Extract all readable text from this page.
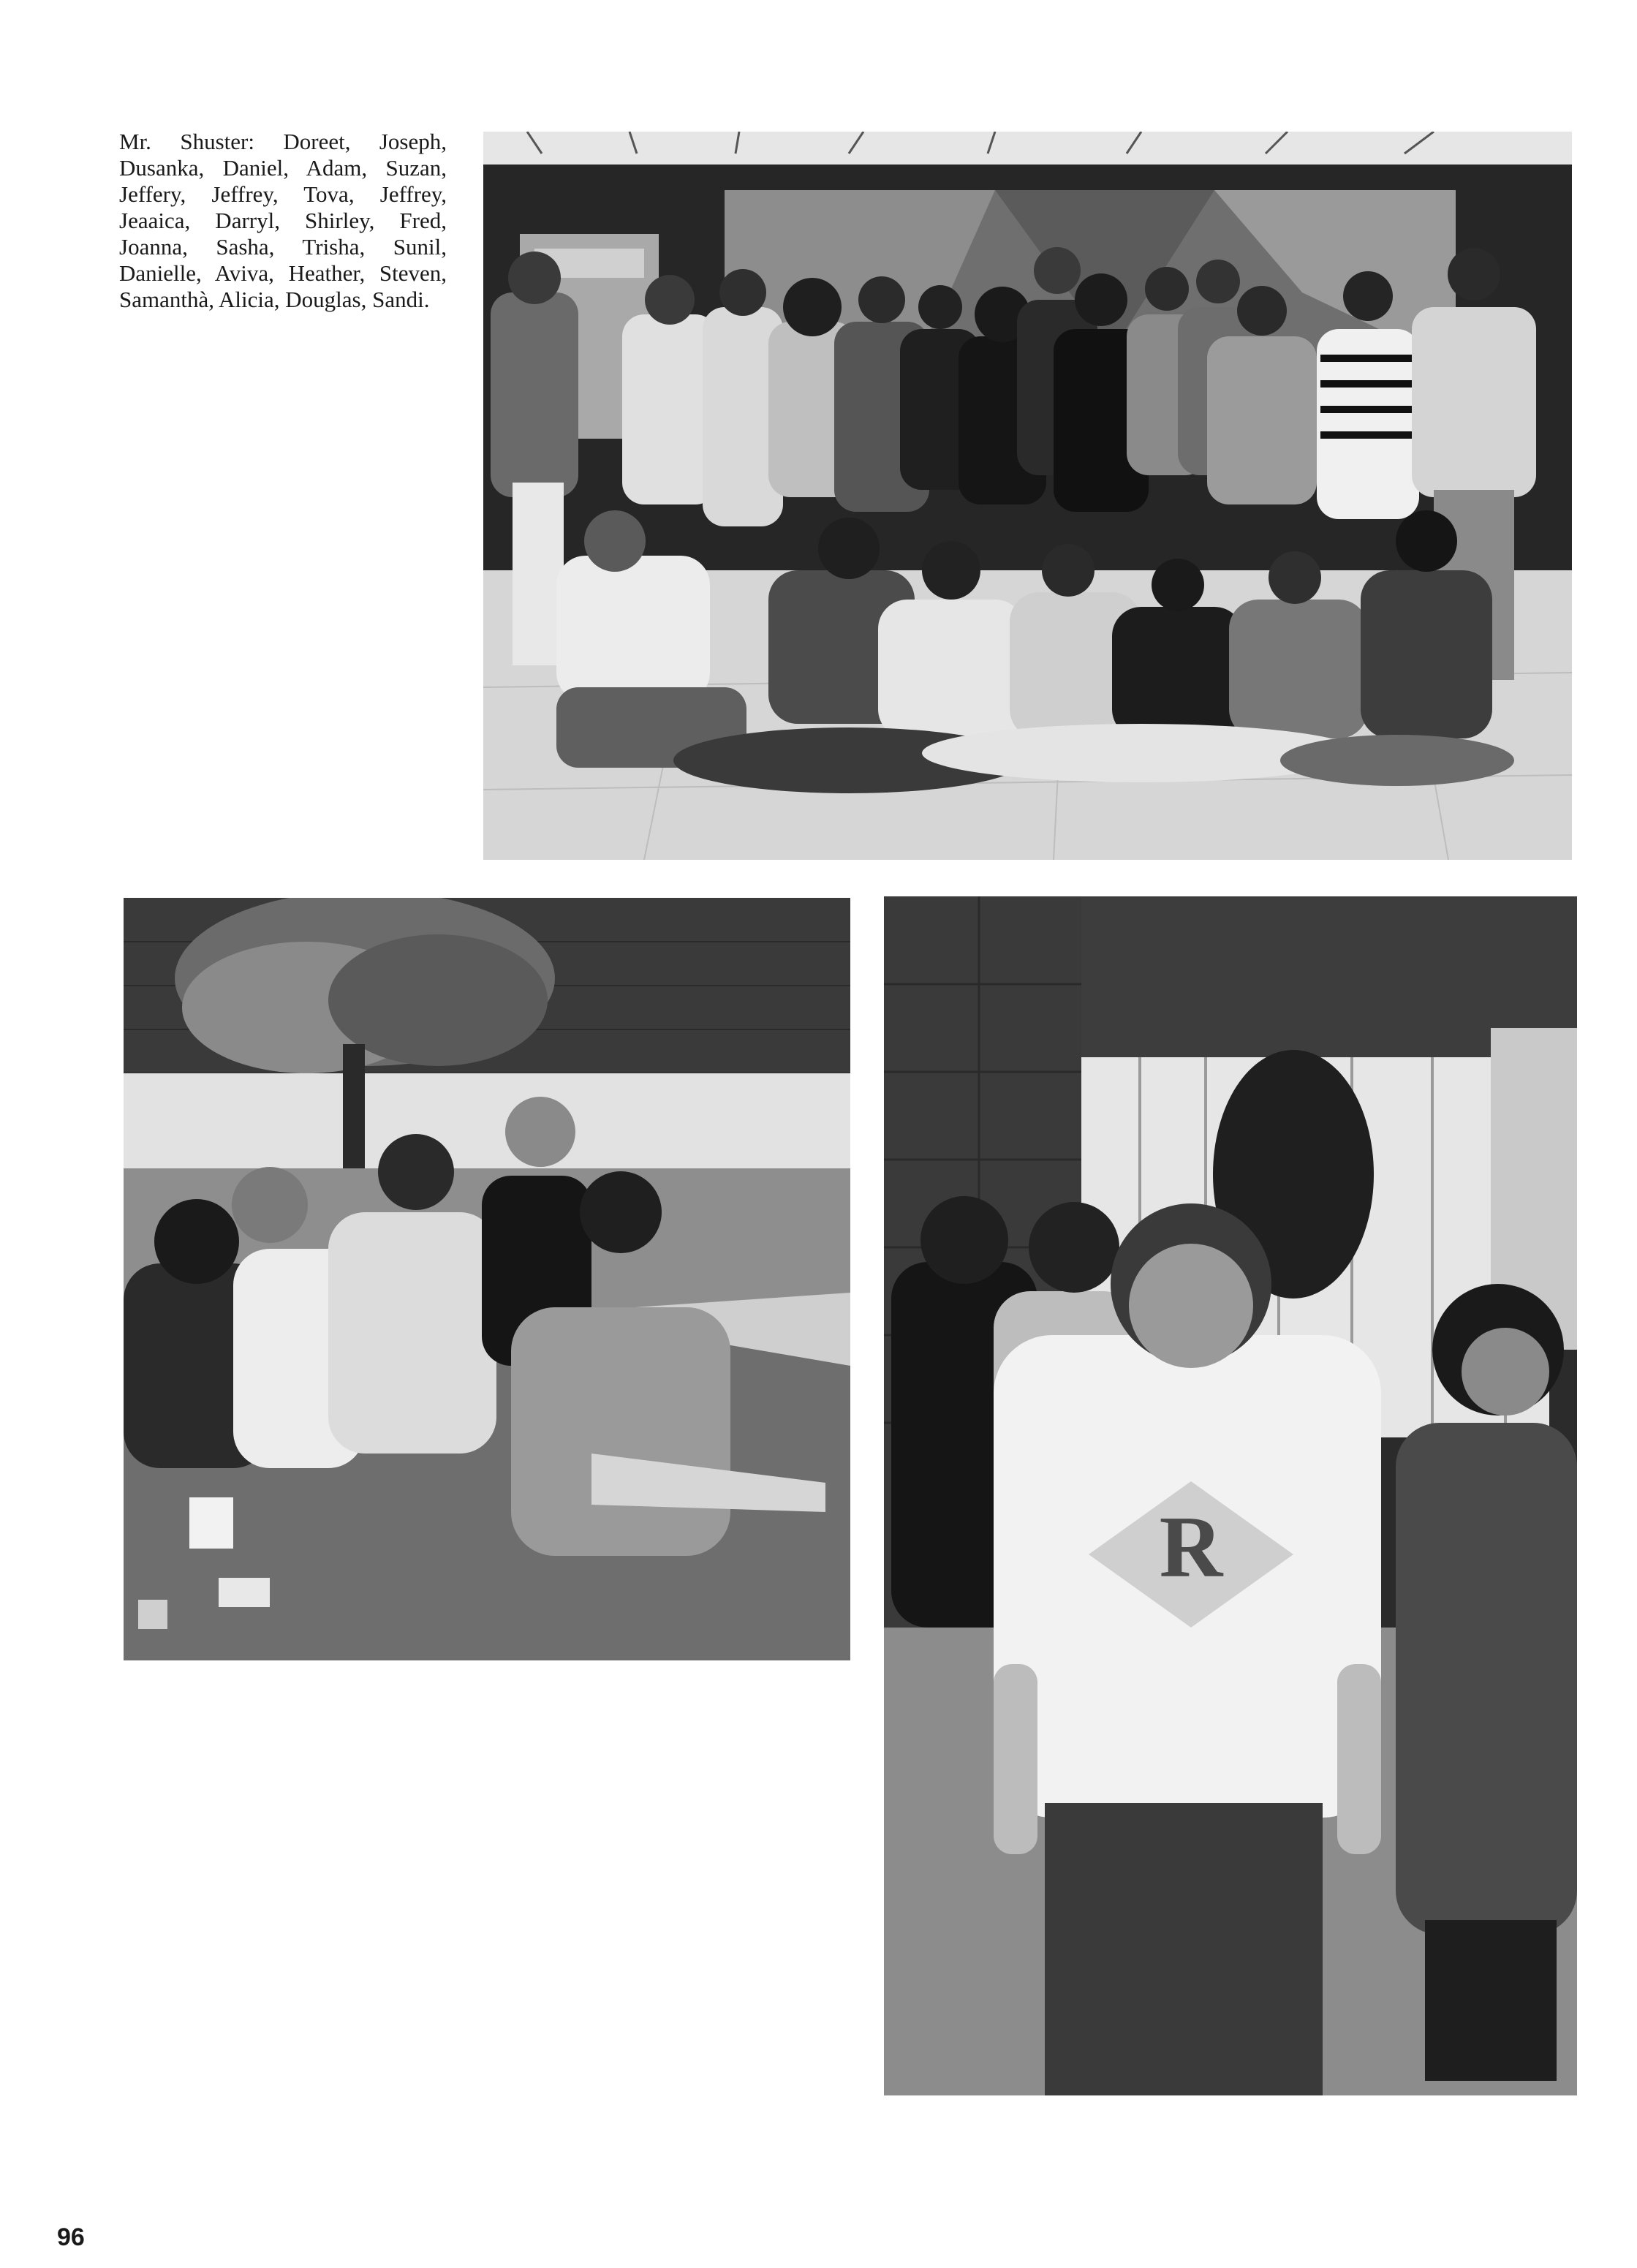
Mr. Shuster: Doreet, Joseph, Dusanka, Daniel, Adam, Suzan, Jeffery, Jeffrey, Tova, Jeffrey, Jeaaica, Darryl, Shirley, Fred, Joanna, Sasha, Trisha, Sunil, Danielle, Aviva, Heather, Steven, Samanthà, Alicia, Douglas, Sandi.

R

96
